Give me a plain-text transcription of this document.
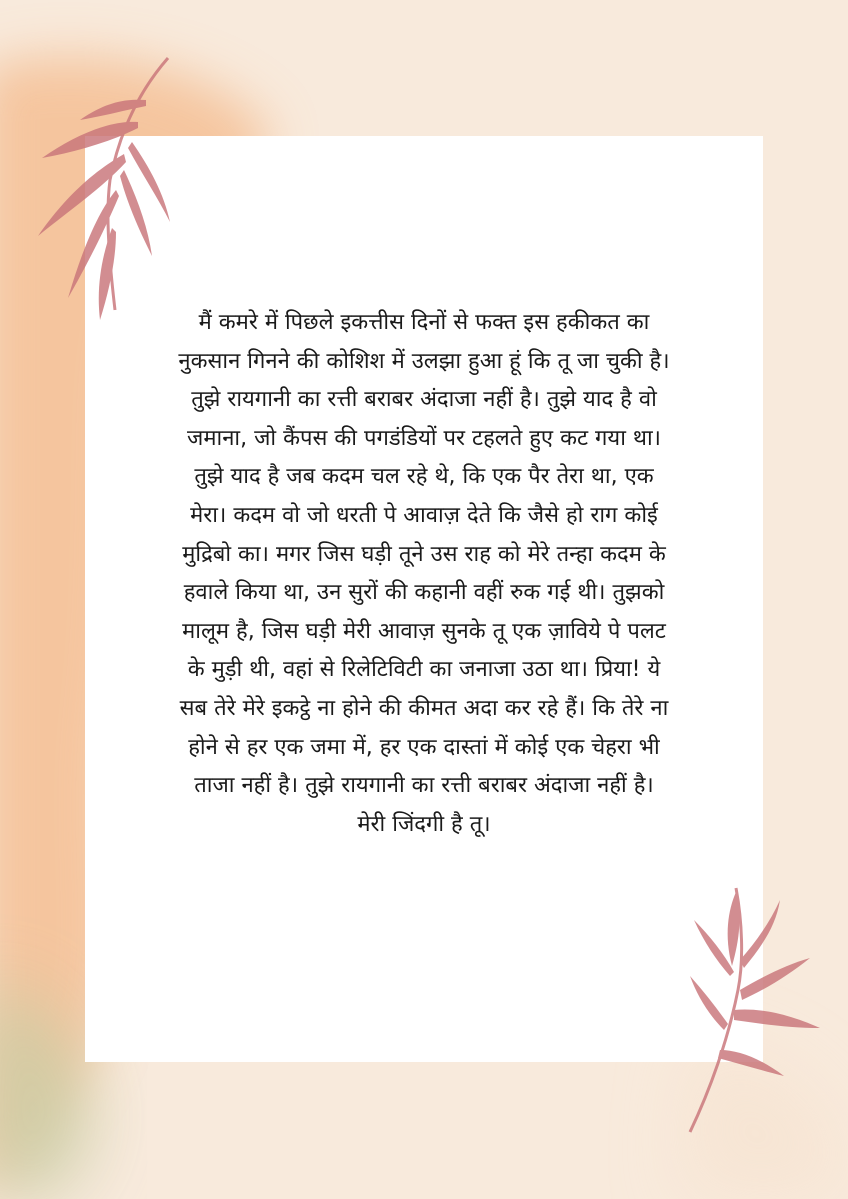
मैं कमरे में पिछले इकत्तीस दिनों से फक्त इस हकीकत का
नुकसान गिनने की कोशिश में उलझा हुआ हूं कि तू जा चुकी है।
तुझे रायगानी का रत्ती बराबर अंदाजा नहीं है। तुझे याद है वो
जमाना, जो कैंपस की पगडंडियों पर टहलते हुए कट गया था।
तुझे याद है जब कदम चल रहे थे, कि एक पैर तेरा था, एक
मेरा। कदम वो जो धरती पे आवाज़ देते कि जैसे हो राग कोई
मुद्रिबो का। मगर जिस घड़ी तूने उस राह को मेरे तन्हा कदम के
हवाले किया था, उन सुरों की कहानी वहीं रुक गई थी। तुझको
मालूम है, जिस घड़ी मेरी आवाज़ सुनके तू एक ज़ाविये पे पलट
के मुड़ी थी, वहां से रिलेटिविटी का जनाजा उठा था। प्रिया! ये
सब तेरे मेरे इकट्ठे ना होने की कीमत अदा कर रहे हैं। कि तेरे ना
होने से हर एक जमा में, हर एक दास्तां में कोई एक चेहरा भी
ताजा नहीं है। तुझे रायगानी का रत्ती बराबर अंदाजा नहीं है।
मेरी जिंदगी है तू।
